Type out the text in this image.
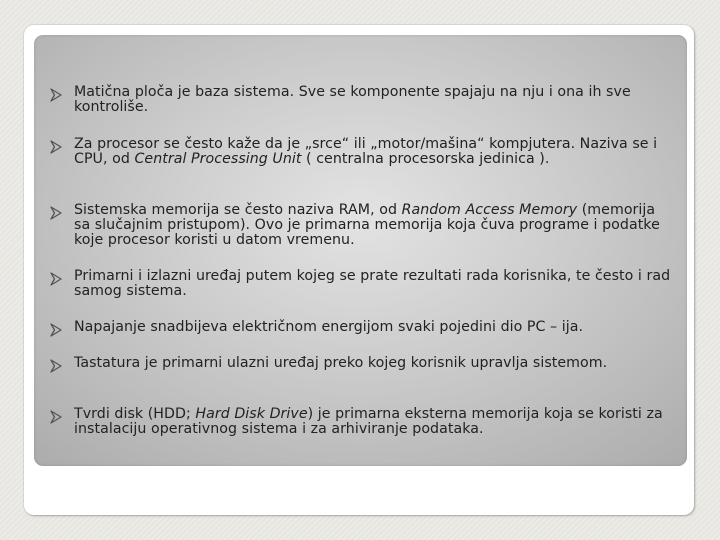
Matična ploča je baza sistema. Sve se komponente spajaju na nju i ona ih sve kontroliše.
Za procesor se često kaže da je „srce“ ili „motor/mašina“ kompjutera. Naziva se i CPU, od Central Processing Unit ( centralna procesorska jedinica ).
Sistemska memorija se često naziva RAM, od Random Access Memory (memorija sa slučajnim pristupom). Ovo je primarna memorija koja čuva programe i podatke koje procesor koristi u datom vremenu.
Primarni i izlazni uređaj putem kojeg se prate rezultati rada korisnika, te često i rad samog sistema.
Napajanje snadbijeva električnom energijom svaki pojedini dio PC – ija.
Tastatura je primarni ulazni uređaj preko kojeg korisnik upravlja sistemom.
Tvrdi disk (HDD; Hard Disk Drive) je primarna eksterna memorija koja se koristi za instalaciju operativnog sistema i za arhiviranje podataka.
